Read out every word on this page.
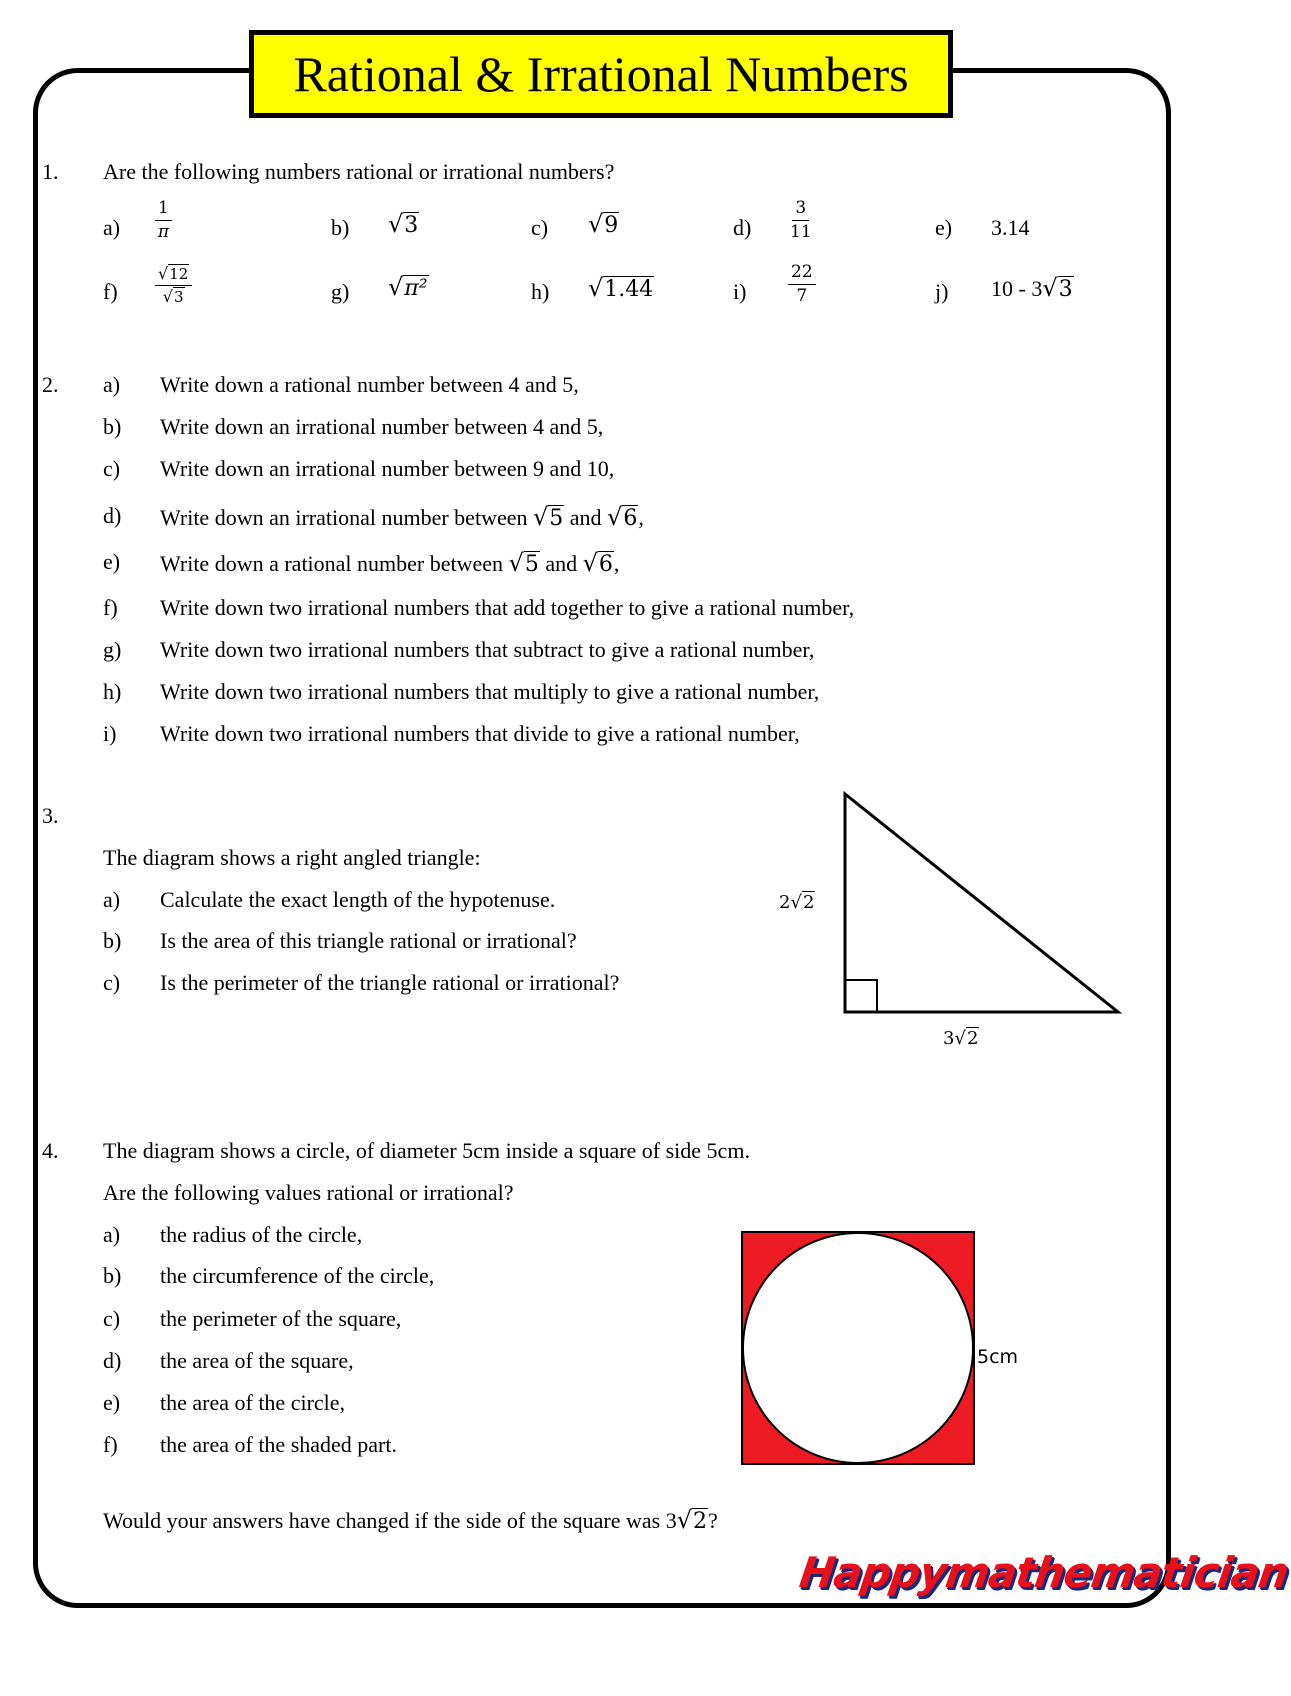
Rational & Irrational Numbers
1. Are the following numbers rational or irrational numbers?
$a) \frac{1}{\pi}$	b) √3	c) √9	$d) \frac{3}{11}$	e) 3.14
$f) \frac{√12}{√3}$	g) √π²	h) √1.44	$i) \frac{22}{7}$	j) 10 - 3√3
2. a) Write down a rational number between 4 and 5,
b) Write down an irrational number between 4 and 5,
c) Write down an irrational number between 9 and 10,
d) Write down an irrational number between √5 and √6,
e) Write down a rational number between √5 and √6,
f) Write down two irrational numbers that add together to give a rational number,
g) Write down two irrational numbers that subtract to give a rational number,
h) Write down two irrational numbers that multiply to give a rational number,
i) Write down two irrational numbers that divide to give a rational number,
3.
The diagram shows a right angled triangle:
a) Calculate the exact length of the hypotenuse.
b) Is the area of this triangle rational or irrational?
c) Is the perimeter of the triangle rational or irrational?
2√2
3√2
4. The diagram shows a circle, of diameter 5cm inside a square of side 5cm.
Are the following values rational or irrational?
a) the radius of the circle,
b) the circumference of the circle,
c) the perimeter of the square,
d) the area of the square,
e) the area of the circle,
f) the area of the shaded part.
5cm
Would your answers have changed if the side of the square was 3√2?
Happymathematician
